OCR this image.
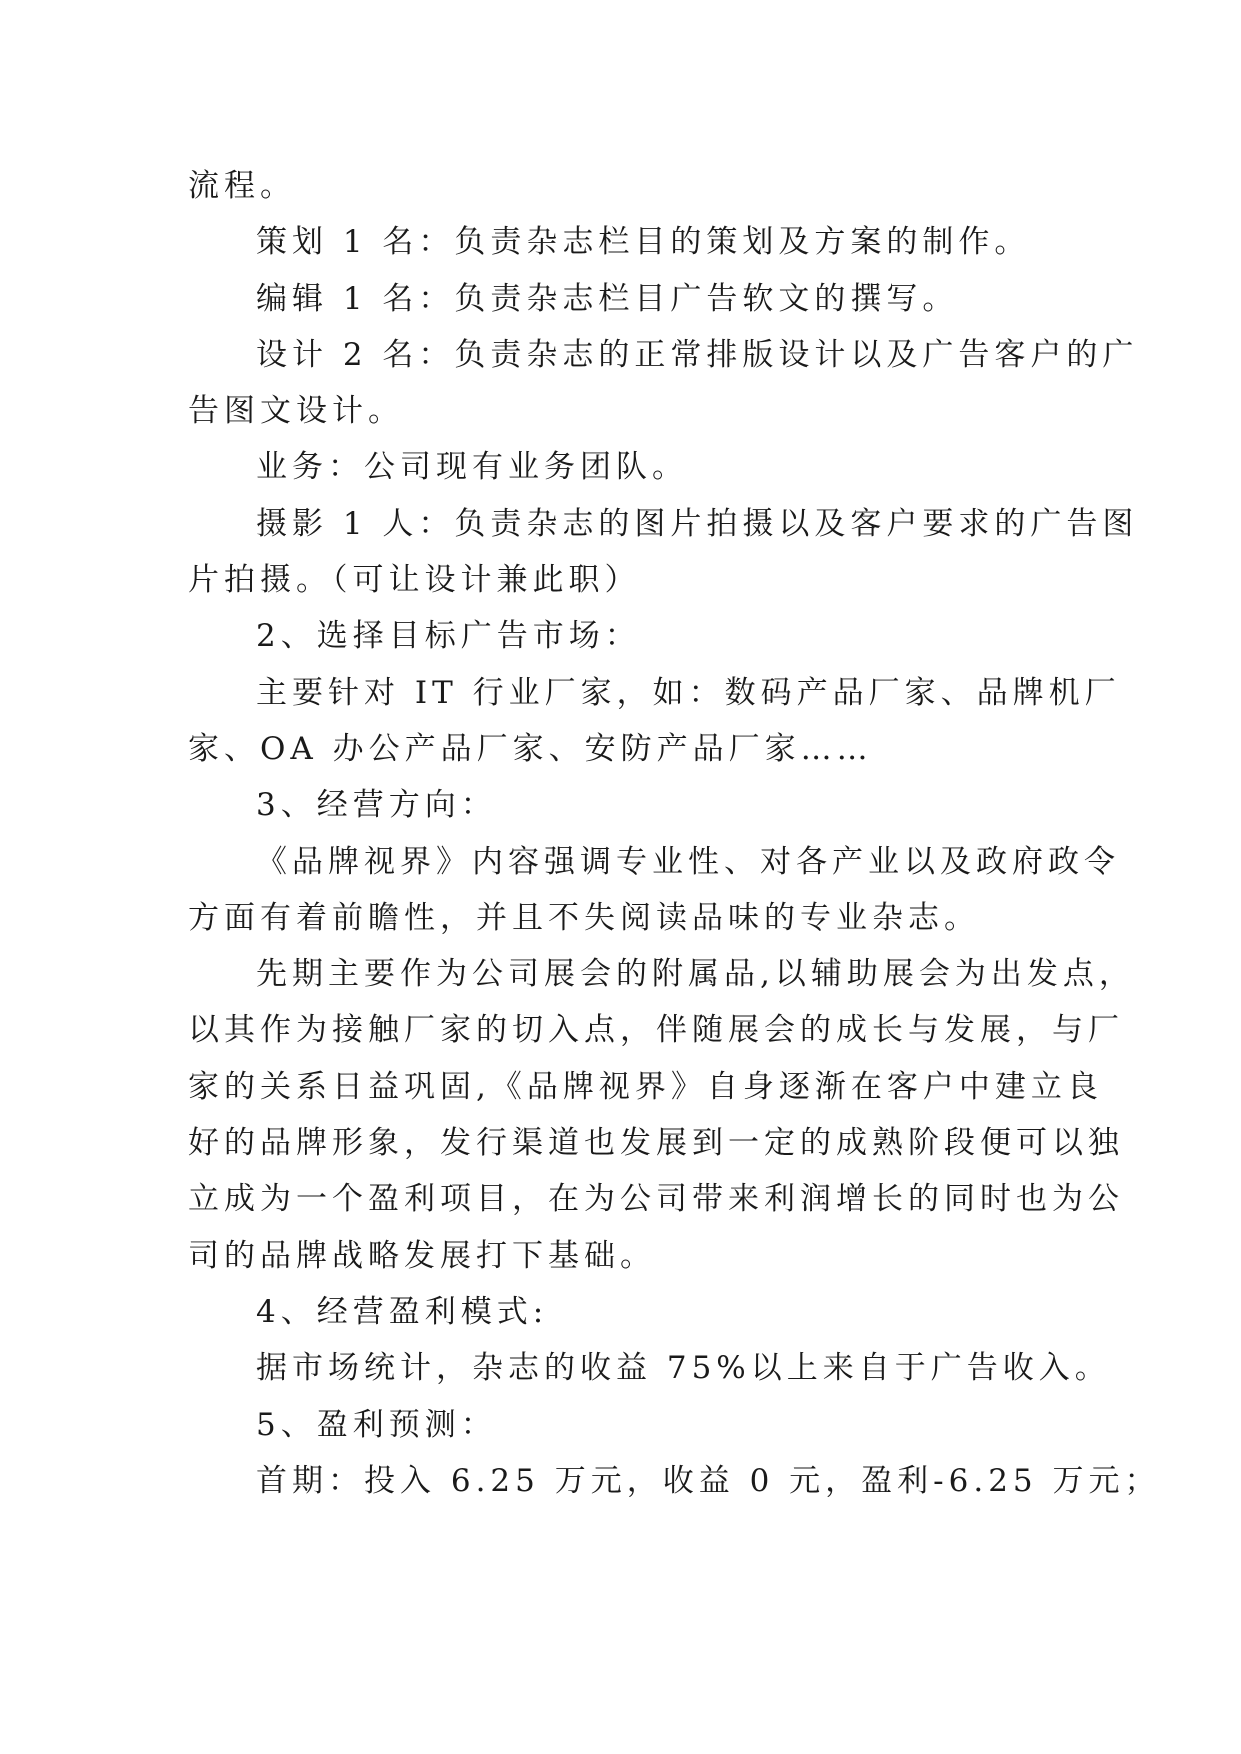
流程。
策划 1 名：负责杂志栏目的策划及方案的制作。
编辑 1 名：负责杂志栏目广告软文的撰写。
设计 2 名：负责杂志的正常排版设计以及广告客户的广
告图文设计。
业务：公司现有业务团队。
摄影 1 人：负责杂志的图片拍摄以及客户要求的广告图
片拍摄。（可让设计兼此职）
2、选择目标广告市场：
主要针对 IT 行业厂家，如：数码产品厂家、品牌机厂
家、OA 办公产品厂家、安防产品厂家……
3、经营方向：
《品牌视界》内容强调专业性、对各产业以及政府政令
方面有着前瞻性，并且不失阅读品味的专业杂志。
先期主要作为公司展会的附属品,以辅助展会为出发点，
以其作为接触厂家的切入点，伴随展会的成长与发展，与厂
家的关系日益巩固,《品牌视界》自身逐渐在客户中建立良
好的品牌形象，发行渠道也发展到一定的成熟阶段便可以独
立成为一个盈利项目，在为公司带来利润增长的同时也为公
司的品牌战略发展打下基础。
4、经营盈利模式:
据市场统计，杂志的收益 75%以上来自于广告收入。
5、盈利预测：
首期：投入 6.25 万元，收益 0 元，盈利-6.25 万元；
